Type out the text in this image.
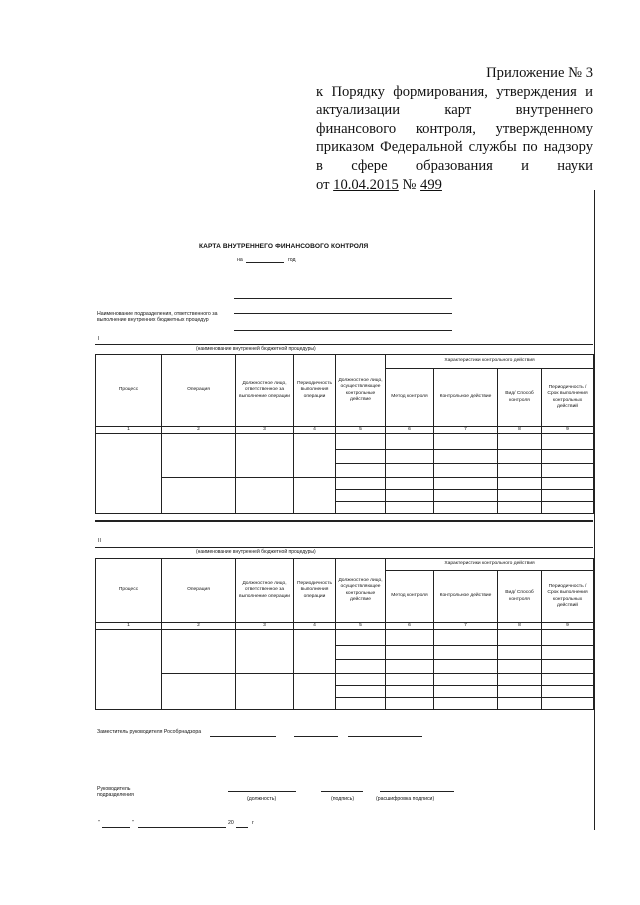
Приложение № 3
к Порядку формирования, утверждения и
актуализации карт внутреннего
финансового контроля, утвержденному
приказом Федеральной службы по надзору
в сфере образования и науки
от 10.04.2015 № 499
КАРТА ВНУТРЕННЕГО ФИНАНСОВОГО КОНТРОЛЯ
на	год
Наименование подразделения, ответственного за
выполнение внутренних бюджетных процедур
I
(наименование внутренней бюджетной процедуры)
Процесс	Операция	Должностное лицо, ответственное за выполнение операции	Периодичность выполнения операции	Должностное лицо, осуществляющее контрольные действие	Характеристики контрольного действия			
					Метод контроля	Контрольное действие	Вид/ Способ контроля	Периодичность / Срок выполнения контрольных действий
1	2	3	4	5	6	7	8	9

II
(наименование внутренней бюджетной процедуры)
Процесс	Операция	Должностное лицо, ответственное за выполнение операции	Периодичность выполнения операции	Должностное лицо, осуществляющее контрольные действие	Характеристики контрольного действия			
					Метод контроля	Контрольное действие	Вид/ Способ контроля	Периодичность / Срок выполнения контрольных действий
1	2	3	4	5	6	7	8	9

Заместитель руководителя Рособрнадзора
Руководитель
подразделения
(должность)	(подпись)	(расшифровка подписи)
"	"	20	г
